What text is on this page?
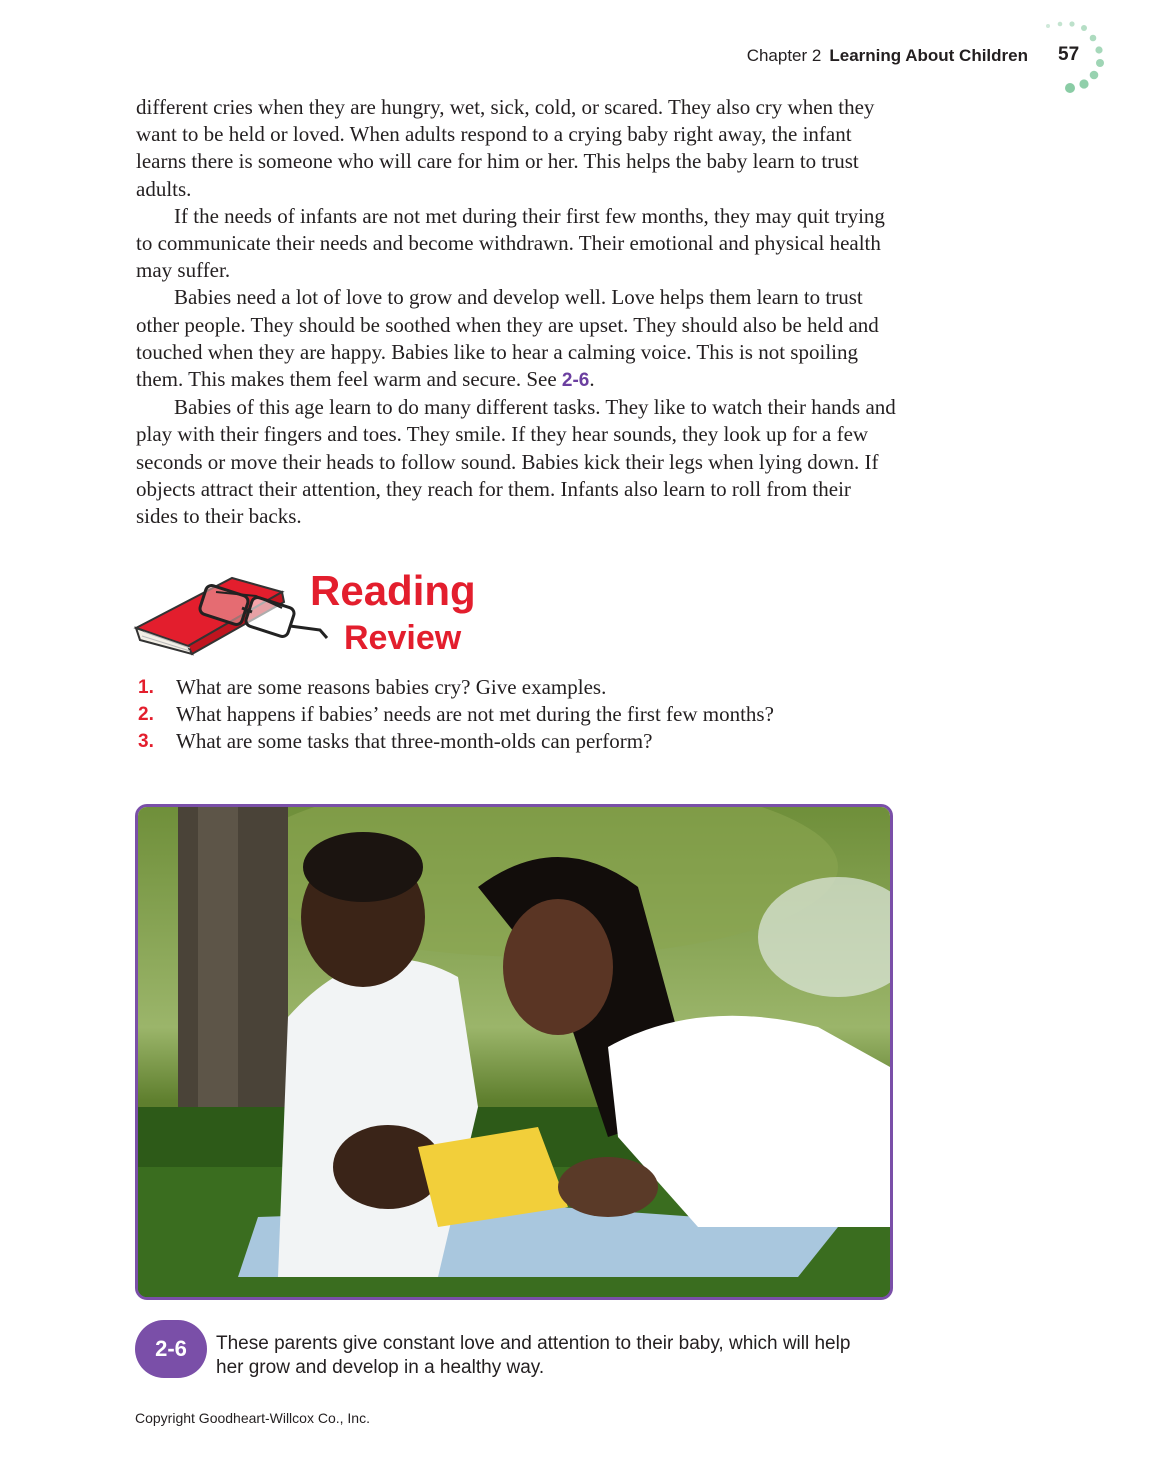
Chapter 2 Learning About Children 57

different cries when they are hungry, wet, sick, cold, or scared. They also cry when they want to be held or loved. When adults respond to a crying baby right away, the infant learns there is someone who will care for him or her. This helps the baby learn to trust adults.

If the needs of infants are not met during their first few months, they may quit trying to communicate their needs and become withdrawn. Their emotional and physical health may suffer.

Babies need a lot of love to grow and develop well. Love helps them learn to trust other people. They should be soothed when they are upset. They should also be held and touched when they are happy. Babies like to hear a calming voice. This is not spoiling them. This makes them feel warm and secure. See 2-6.

Babies of this age learn to do many different tasks. They like to watch their hands and play with their fingers and toes. They smile. If they hear sounds, they look up for a few seconds or move their heads to follow sound. Babies kick their legs when lying down. If objects attract their attention, they reach for them. Infants also learn to roll from their sides to their backs.

Reading
Review
1.	What are some reasons babies cry? Give examples.
2.	What happens if babies’ needs are not met during the first few months?
3.	What are some tasks that three-month-olds can perform?
2-6	These parents give constant love and attention to their baby, which will help her grow and develop in a healthy way.
Copyright Goodheart-Willcox Co., Inc.
